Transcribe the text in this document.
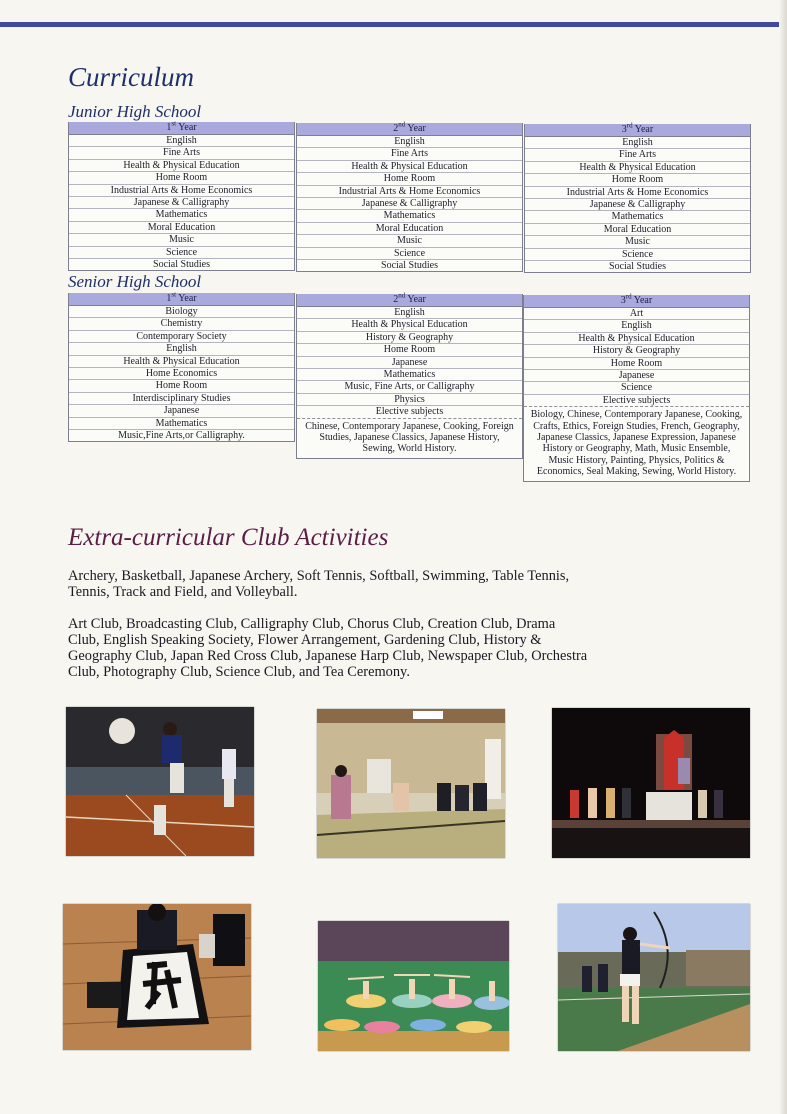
Curriculum
Junior High School
1st Year
English
Fine Arts
Health & Physical Education
Home Room
Industrial Arts & Home Economics
Japanese & Calligraphy
Mathematics
Moral Education
Music
Science
Social Studies
2nd Year
English
Fine Arts
Health & Physical Education
Home Room
Industrial Arts & Home Economics
Japanese & Calligraphy
Mathematics
Moral Education
Music
Science
Social Studies
3rd Year
English
Fine Arts
Health & Physical Education
Home Room
Industrial Arts & Home Economics
Japanese & Calligraphy
Mathematics
Moral Education
Music
Science
Social Studies
Senior High School
1st Year
Biology
Chemistry
Contemporary Society
English
Health & Physical Education
Home Economics
Home Room
Interdisciplinary Studies
Japanese
Mathematics
Music,Fine Arts,or Calligraphy.
2nd Year
English
Health & Physical Education
History & Geography
Home Room
Japanese
Mathematics
Music, Fine Arts, or Calligraphy
Physics
Elective subjects
Chinese, Contemporary Japanese, Cooking, Foreign Studies, Japanese Classics, Japanese History, Sewing, World History.
3rd Year
Art
English
Health & Physical Education
History & Geography
Home Room
Japanese
Science
Elective subjects
Biology, Chinese, Contemporary Japanese, Cooking, Crafts, Ethics, Foreign Studies, French, Geography, Japanese Classics, Japanese Expression, Japanese History or Geography, Math, Music Ensemble, Music History, Painting, Physics, Politics & Economics, Seal Making, Sewing, World History.
Extra-curricular Club Activities

Archery, Basketball, Japanese Archery, Soft Tennis, Softball, Swimming, Table Tennis, Tennis, Track and Field, and Volleyball.

Art Club, Broadcasting Club, Calligraphy Club, Chorus Club, Creation Club, Drama Club, English Speaking Society, Flower Arrangement, Gardening Club, History & Geography Club, Japan Red Cross Club, Japanese Harp Club, Newspaper Club, Orchestra Club, Photography Club, Science Club, and Tea Ceremony.
